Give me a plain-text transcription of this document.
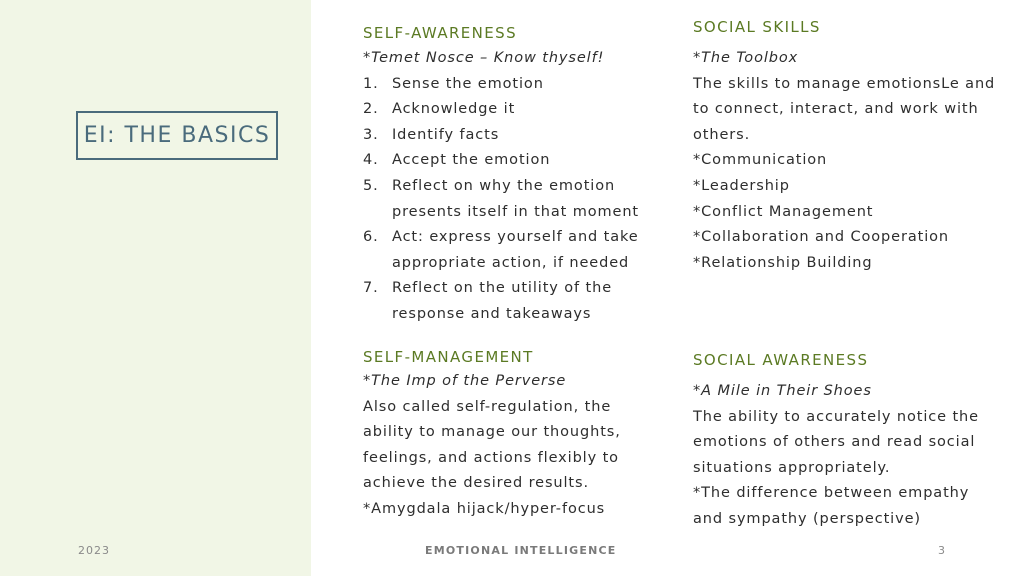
EI: THE BASICS
SELF-AWARENESS
*Temet Nosce – Know thyself!
1. Sense the emotion
2. Acknowledge it
3. Identify facts
4. Accept the emotion
5. Reflect on why the emotion presents itself in that moment
6. Act: express yourself and take appropriate action, if needed
7. Reflect on the utility of the response and takeaways
SELF-MANAGEMENT
*The Imp of the Perverse
Also called self-regulation, the ability to manage our thoughts, feelings, and actions flexibly to achieve the desired results.
*Amygdala hijack/hyper-focus
SOCIAL SKILLS
*The Toolbox
The skills to manage emotionsLe and to connect, interact, and work with others.
*Communication
*Leadership
*Conflict Management
*Collaboration and Cooperation
*Relationship Building
SOCIAL AWARENESS
*A Mile in Their Shoes
The ability to accurately notice the emotions of others and read social situations appropriately.
*The difference between empathy and sympathy (perspective)
2023	EMOTIONAL INTELLIGENCE	3
